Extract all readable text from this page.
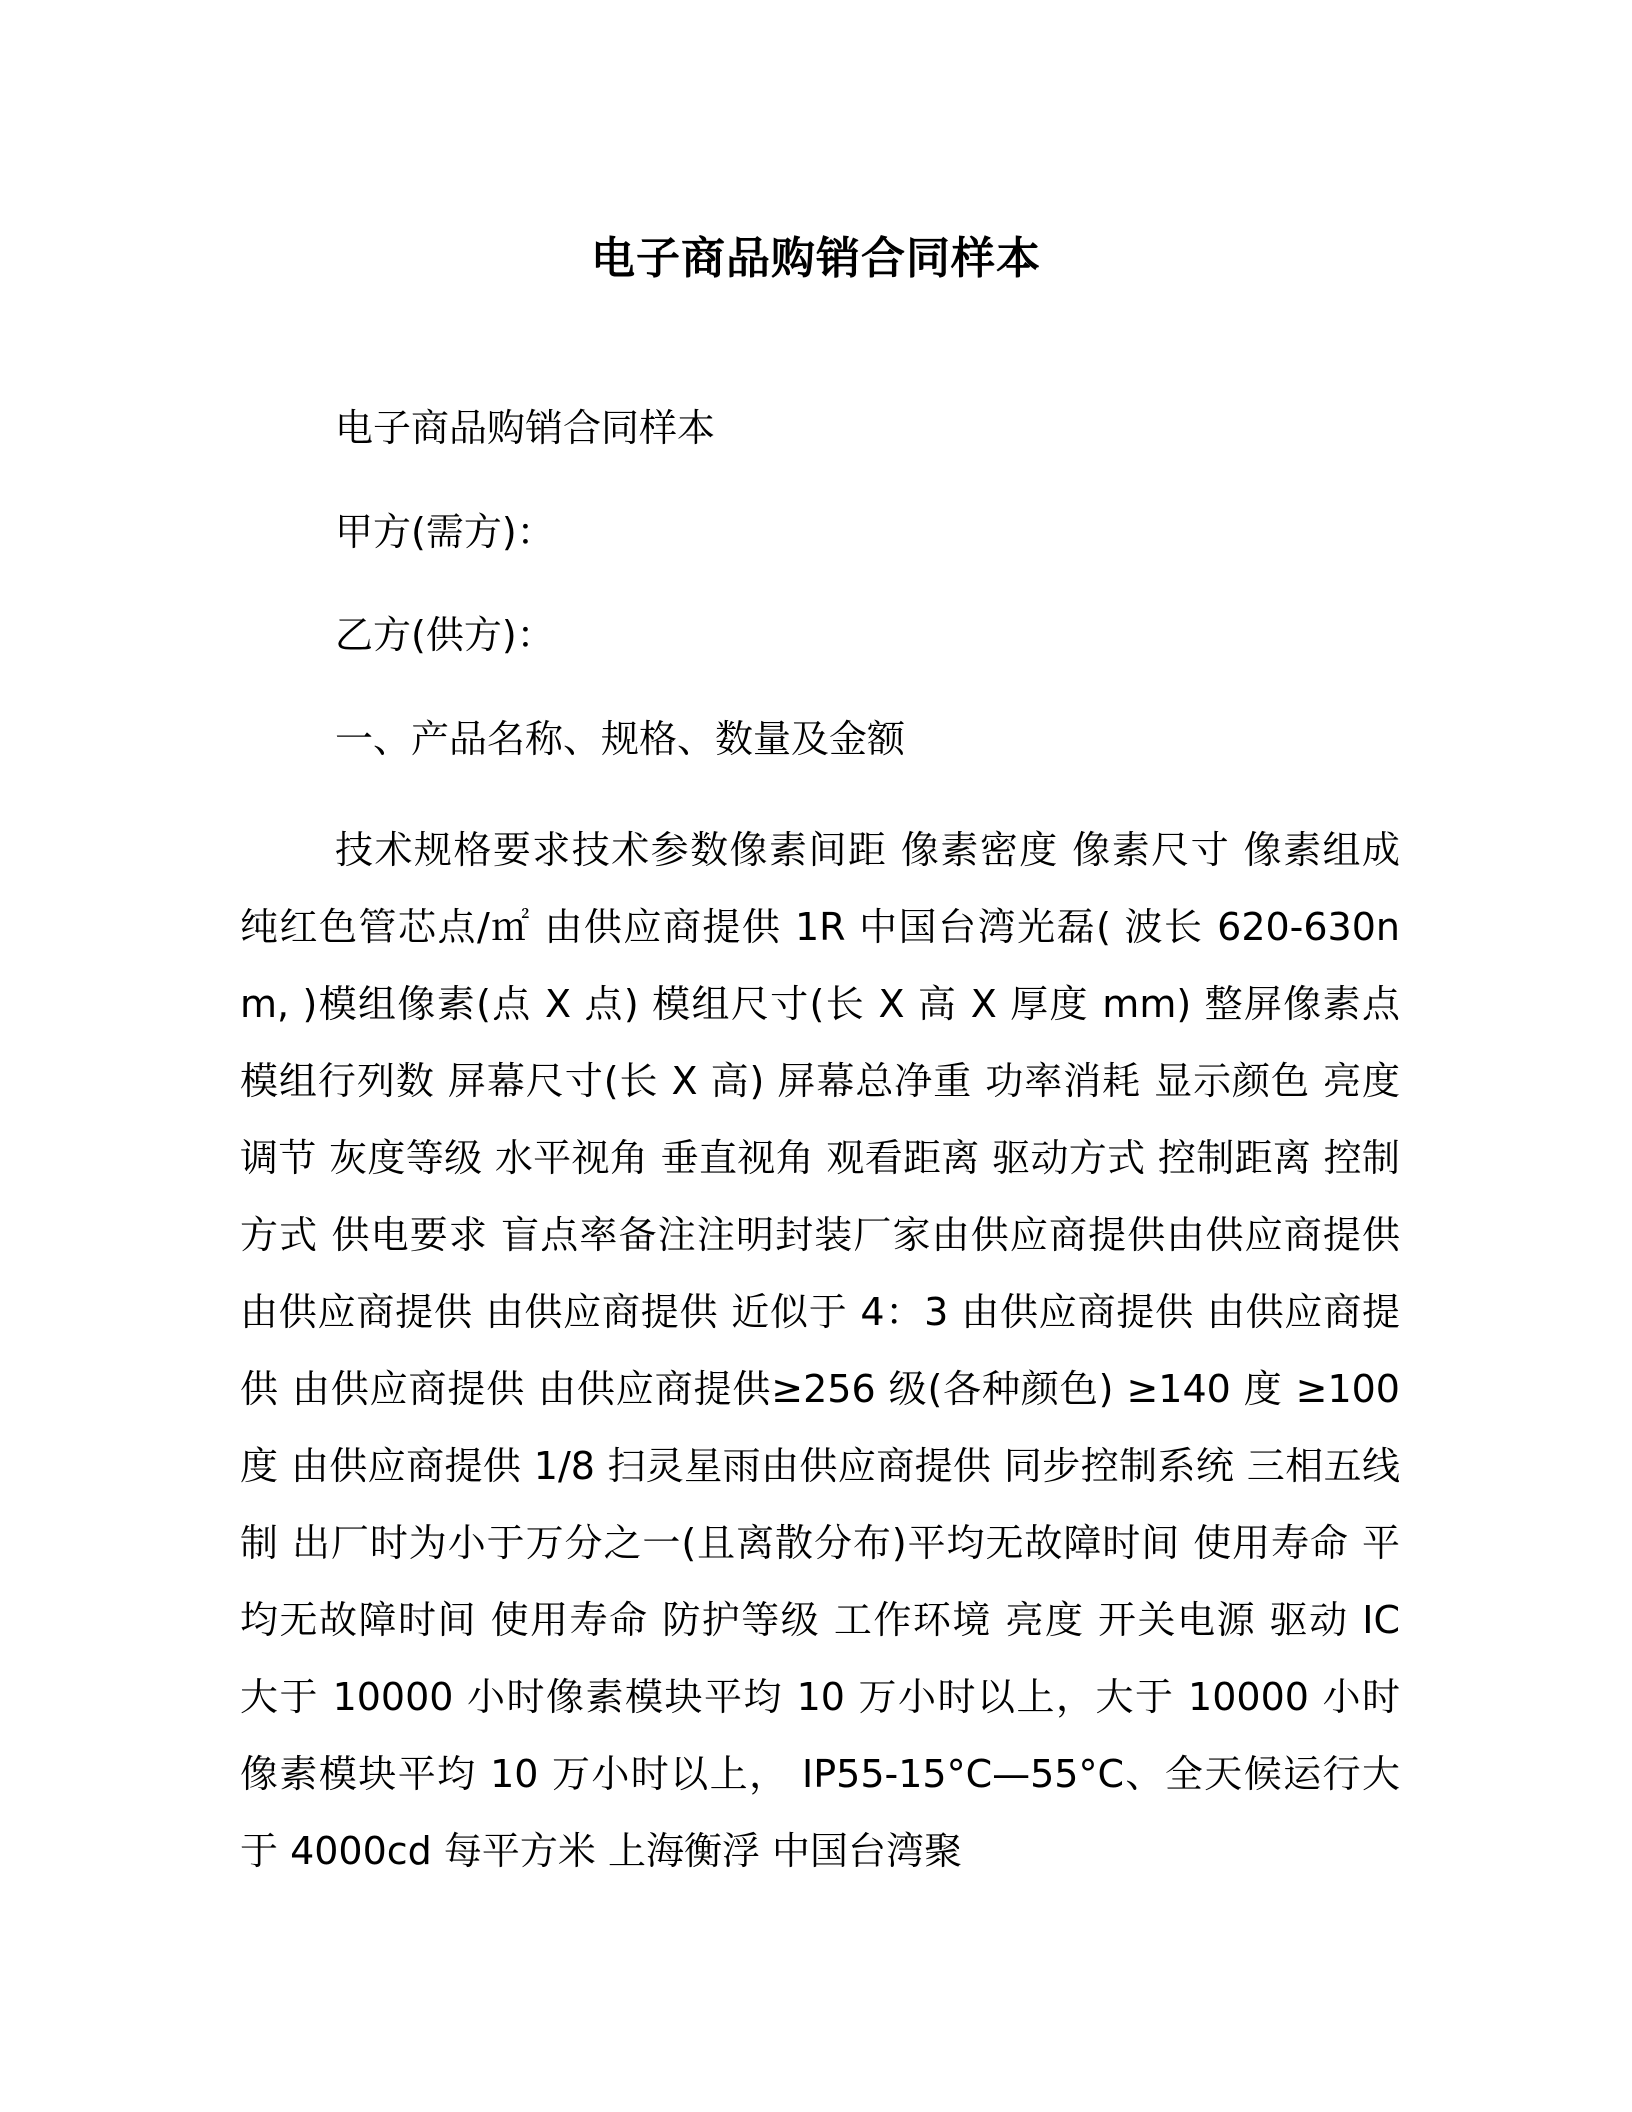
电子商品购销合同样本
电子商品购销合同样本
甲方(需方)：
乙方(供方)：
一、产品名称、规格、数量及金额
技术规格要求技术参数像素间距 像素密度 像素尺寸 像素组成 纯红色管芯点/㎡ 由供应商提供 1R 中国台湾光磊( 波长 620-630nm, )模组像素(点 X 点) 模组尺寸(长 X 高 X 厚度 mm) 整屏像素点 模组行列数 屏幕尺寸(长 X 高) 屏幕总净重 功率消耗 显示颜色 亮度调节 灰度等级 水平视角 垂直视角 观看距离 驱动方式 控制距离 控制方式 供电要求 盲点率备注注明封装厂家由供应商提供由供应商提供由供应商提供 由供应商提供 近似于 4：3 由供应商提供 由供应商提供 由供应商提供 由供应商提供≥256 级(各种颜色) ≥140 度 ≥100 度 由供应商提供 1/8 扫灵星雨由供应商提供 同步控制系统 三相五线制 出厂时为小于万分之一(且离散分布)平均无故障时间 使用寿命 平均无故障时间 使用寿命 防护等级 工作环境 亮度 开关电源 驱动 IC 大于 10000 小时像素模块平均 10 万小时以上，大于 10000 小时像素模块平均 10 万小时以上， IP55-15°C—55°C、全天候运行大于 4000cd 每平方米 上海衡浮 中国台湾聚
